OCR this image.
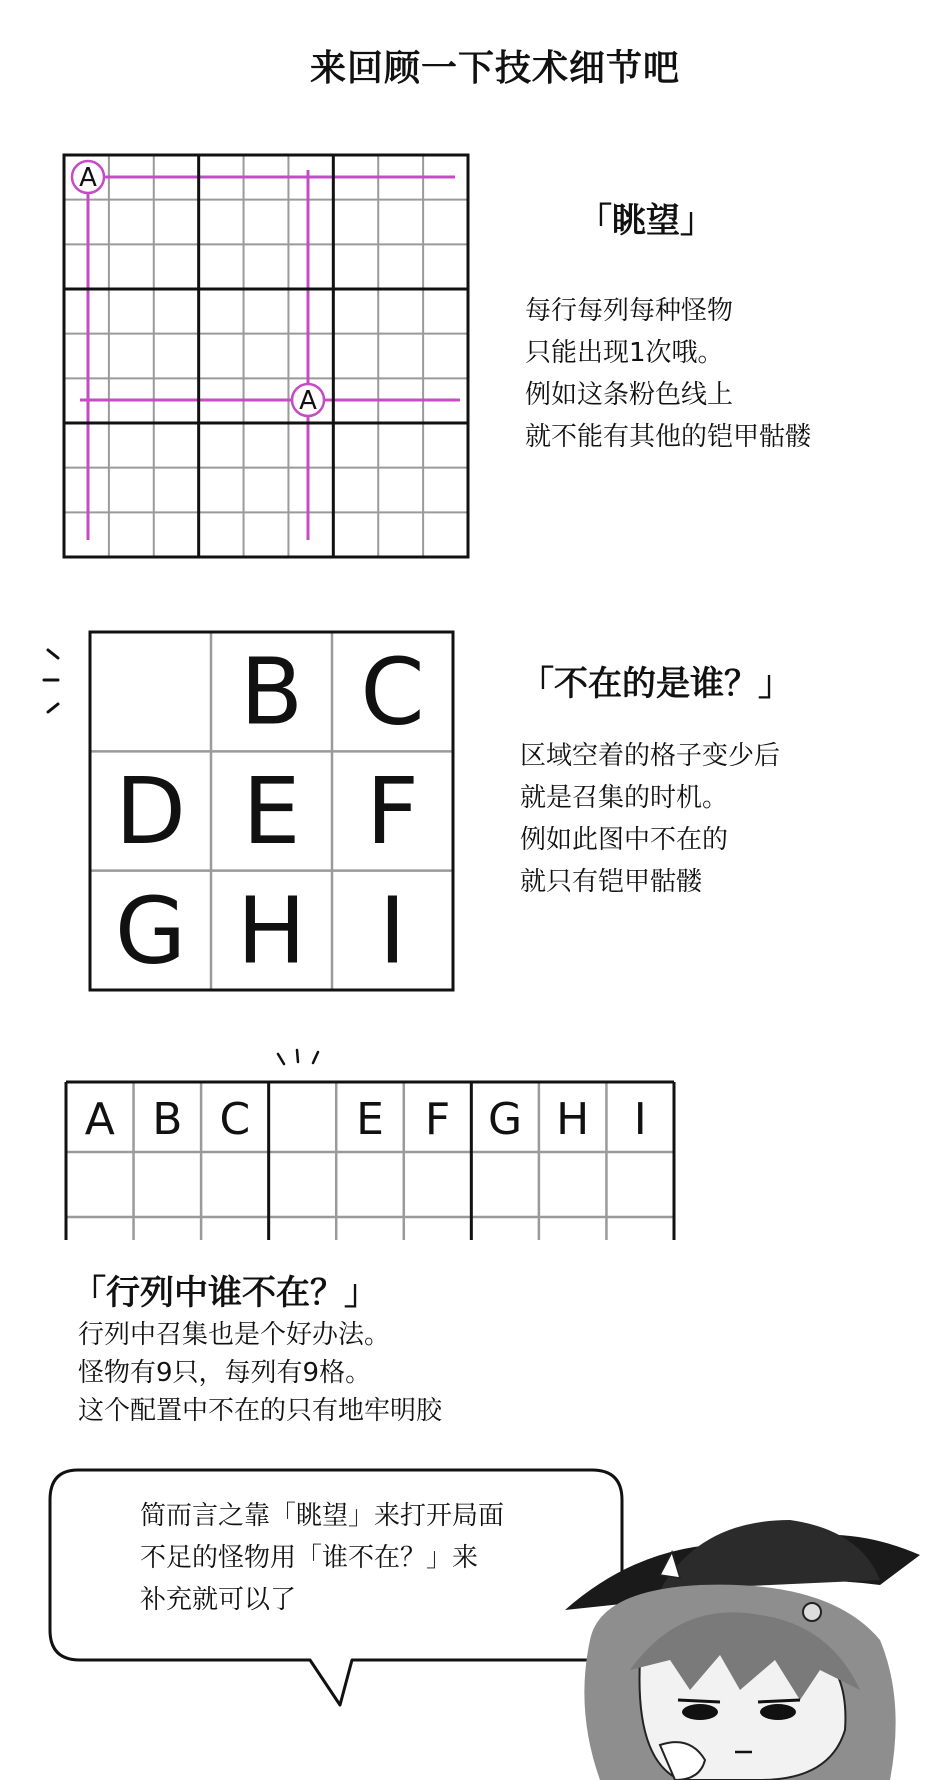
来回顾一下技术细节吧
A
A
B C
D E F
G H I
A B C E F G H I
「眺望」
每行每列每种怪物
只能出现1次哦。
例如这条粉色线上
就不能有其他的铠甲骷髅
「不在的是谁？」
区域空着的格子变少后
就是召集的时机。
例如此图中不在的
就只有铠甲骷髅
「行列中谁不在？」
行列中召集也是个好办法。
怪物有9只，每列有9格。
这个配置中不在的只有地牢明胶
简而言之靠「眺望」来打开局面
不足的怪物用「谁不在？」来
补充就可以了
